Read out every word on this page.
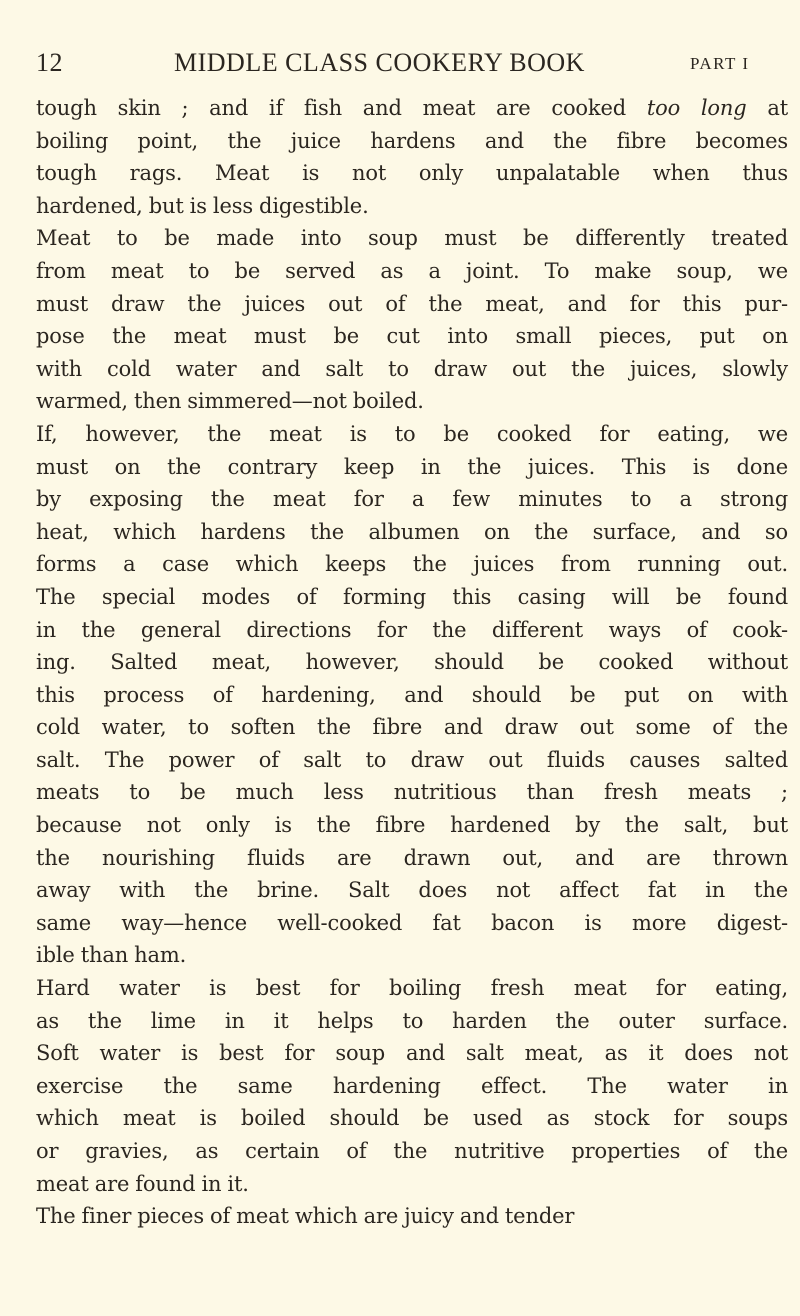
12	MIDDLE CLASS COOKERY BOOK	PART I
tough skin ; and if fish and meat are cooked too long at
boiling point, the juice hardens and the fibre becomes
tough rags. Meat is not only unpalatable when thus
hardened, but is less digestible.
Meat to be made into soup must be differently treated
from meat to be served as a joint. To make soup, we
must draw the juices out of the meat, and for this pur-
pose the meat must be cut into small pieces, put on
with cold water and salt to draw out the juices, slowly
warmed, then simmered—not boiled.
If, however, the meat is to be cooked for eating, we
must on the contrary keep in the juices. This is done
by exposing the meat for a few minutes to a strong
heat, which hardens the albumen on the surface, and so
forms a case which keeps the juices from running out.
The special modes of forming this casing will be found
in the general directions for the different ways of cook-
ing. Salted meat, however, should be cooked without
this process of hardening, and should be put on with
cold water, to soften the fibre and draw out some of the
salt. The power of salt to draw out fluids causes salted
meats to be much less nutritious than fresh meats ;
because not only is the fibre hardened by the salt, but
the nourishing fluids are drawn out, and are thrown
away with the brine. Salt does not affect fat in the
same way—hence well-cooked fat bacon is more digest-
ible than ham.
Hard water is best for boiling fresh meat for eating,
as the lime in it helps to harden the outer surface.
Soft water is best for soup and salt meat, as it does not
exercise the same hardening effect. The water in
which meat is boiled should be used as stock for soups
or gravies, as certain of the nutritive properties of the
meat are found in it.
The finer pieces of meat which are juicy and tender
